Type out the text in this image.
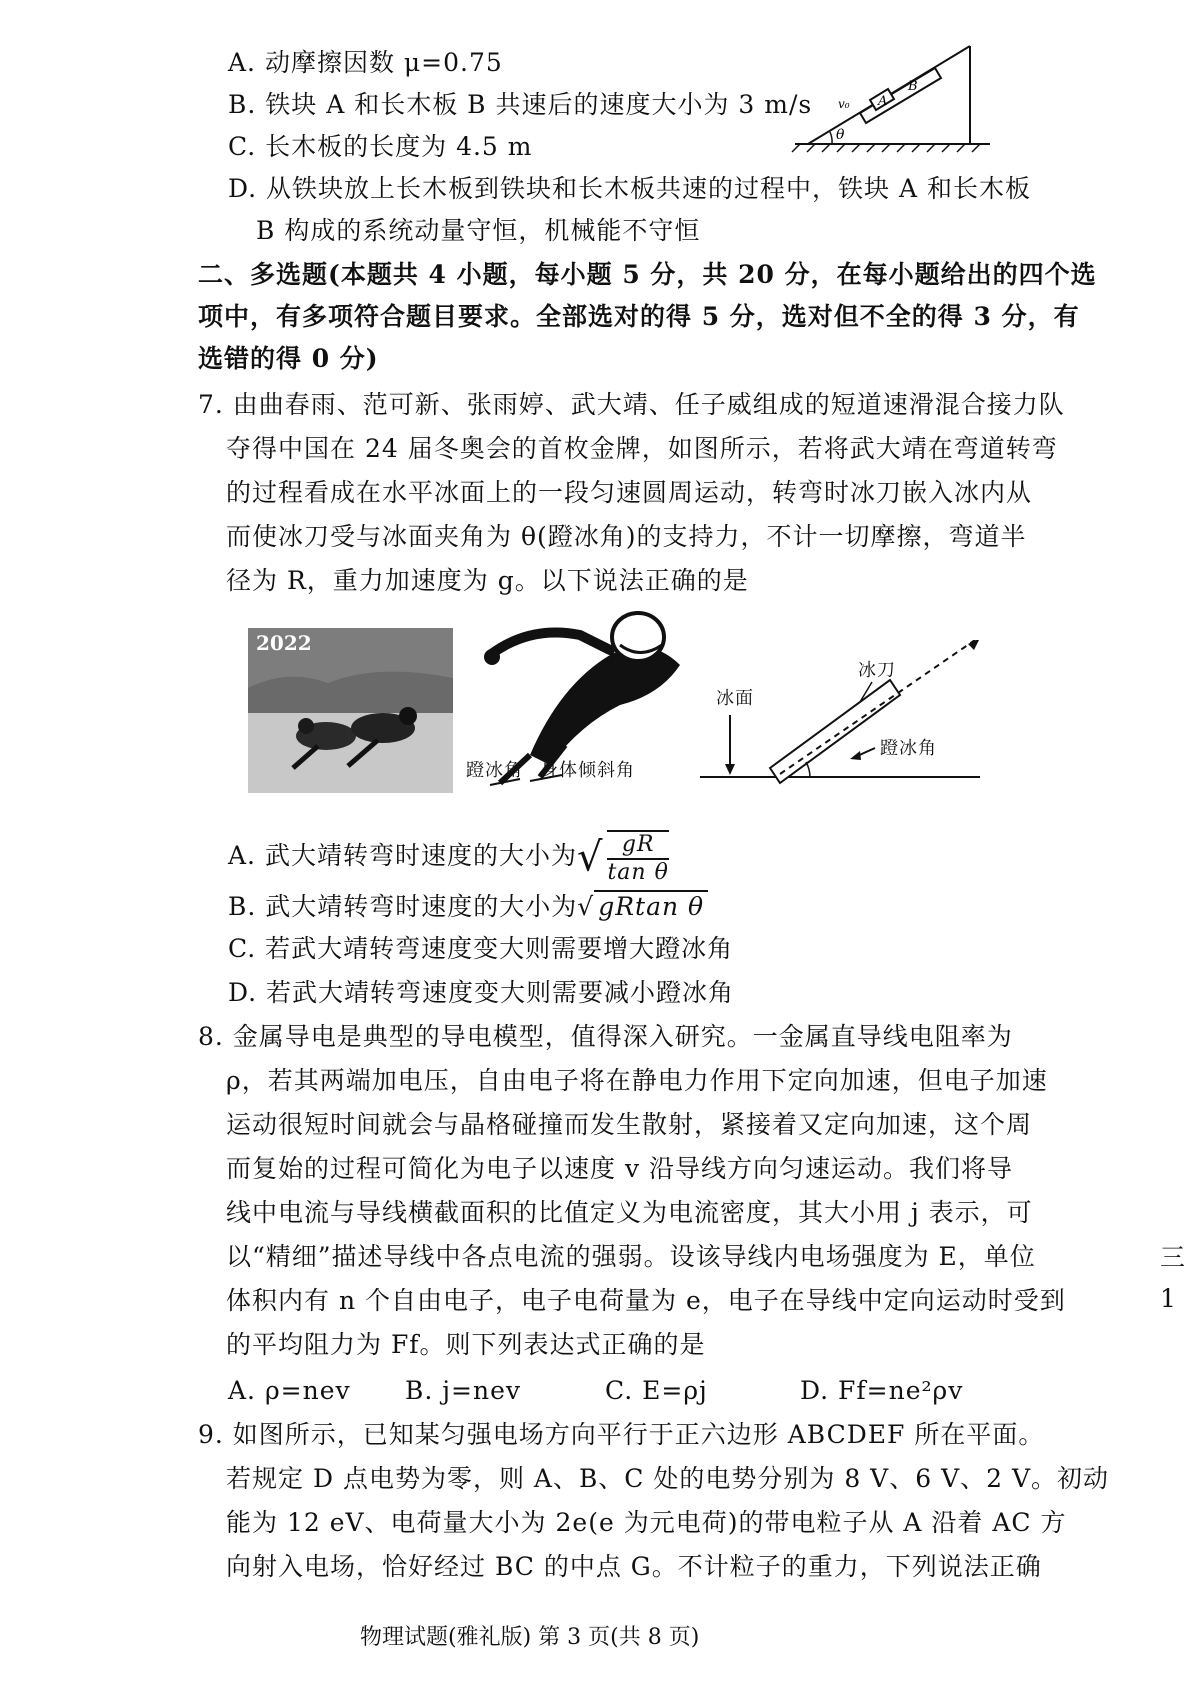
A. 动摩擦因数 μ=0.75
B. 铁块 A 和长木板 B 共速后的速度大小为 3 m/s
C. 长木板的长度为 4.5 m
D. 从铁块放上长木板到铁块和长木板共速的过程中，铁块 A 和长木板
B 构成的系统动量守恒，机械能不守恒
A
B
v₀
θ
二、多选题(本题共 4 小题，每小题 5 分，共 20 分，在每小题给出的四个选
项中，有多项符合题目要求。全部选对的得 5 分，选对但不全的得 3 分，有
选错的得 0 分)
7. 由曲春雨、范可新、张雨婷、武大靖、任子威组成的短道速滑混合接力队
夺得中国在 24 届冬奥会的首枚金牌，如图所示，若将武大靖在弯道转弯
的过程看成在水平冰面上的一段匀速圆周运动，转弯时冰刀嵌入冰内从
而使冰刀受与冰面夹角为 θ(蹬冰角)的支持力，不计一切摩擦，弯道半
径为 R，重力加速度为 g。以下说法正确的是
2022
蹬冰角 身体倾斜角
冰面
冰刀
蹬冰角
A. 武大靖转弯时速度的大小为√ $\frac{gR}{\text{tan θ}}$
B. 武大靖转弯时速度的大小为√ gRtan θ
C. 若武大靖转弯速度变大则需要增大蹬冰角
D. 若武大靖转弯速度变大则需要减小蹬冰角
8. 金属导电是典型的导电模型，值得深入研究。一金属直导线电阻率为
ρ，若其两端加电压，自由电子将在静电力作用下定向加速，但电子加速
运动很短时间就会与晶格碰撞而发生散射，紧接着又定向加速，这个周
而复始的过程可简化为电子以速度 v 沿导线方向匀速运动。我们将导
线中电流与导线横截面积的比值定义为电流密度，其大小用 j 表示，可
以“精细”描述导线中各点电流的强弱。设该导线内电场强度为 E，单位
体积内有 n 个自由电子，电子电荷量为 e，电子在导线中定向运动时受到
的平均阻力为 Ff。则下列表达式正确的是
A. ρ=nev B. j=nev	C. E=ρj	D. Ff=ne²ρv
9. 如图所示，已知某匀强电场方向平行于正六边形 ABCDEF 所在平面。
若规定 D 点电势为零，则 A、B、C 处的电势分别为 8 V、6 V、2 V。初动
能为 12 eV、电荷量大小为 2e(e 为元电荷)的带电粒子从 A 沿着 AC 方
向射入电场，恰好经过 BC 的中点 G。不计粒子的重力，下列说法正确
三
1
物理试题(雅礼版) 第 3 页(共 8 页)
